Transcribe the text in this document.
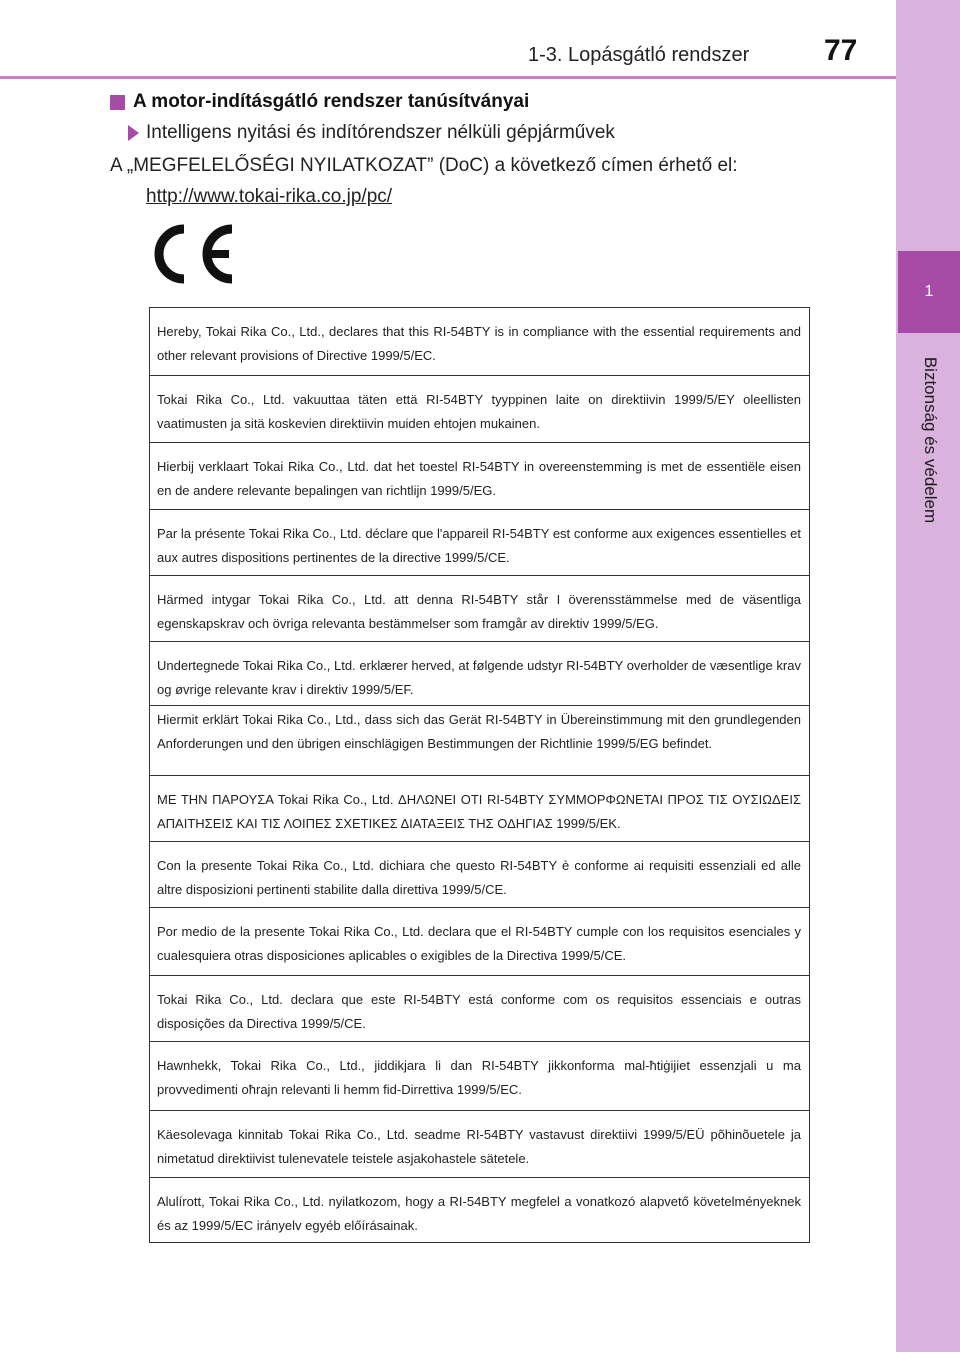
1-3. Lopásgátló rendszer 77
1
Biztonság és védelem
A motor-indításgátló rendszer tanúsítványai
Intelligens nyitási és indítórendszer nélküli gépjárművek
A „MEGFELELŐSÉGI NYILATKOZAT” (DoC) a következő címen érhető el:
http://www.tokai-rika.co.jp/pc/
Hereby, Tokai Rika Co., Ltd., declares that this RI-54BTY is in compliance with the essential requirements and other relevant provisions of Directive 1999/5/EC.
Tokai Rika Co., Ltd. vakuuttaa täten että RI-54BTY tyyppinen laite on direktiivin 1999/5/EY oleellisten vaatimusten ja sitä koskevien direktiivin muiden ehtojen mukainen.
Hierbij verklaart Tokai Rika Co., Ltd. dat het toestel RI-54BTY in overeenstemming is met de essentiële eisen en de andere relevante bepalingen van richtlijn 1999/5/EG.
Par la présente Tokai Rika Co., Ltd. déclare que l'appareil RI-54BTY est conforme aux exigences essentielles et aux autres dispositions pertinentes de la directive 1999/5/CE.
Härmed intygar Tokai Rika Co., Ltd. att denna RI-54BTY står I överensstämmelse med de väsentliga egenskapskrav och övriga relevanta bestämmelser som framgår av direktiv 1999/5/EG.
Undertegnede Tokai Rika Co., Ltd. erklærer herved, at følgende udstyr RI-54BTY overholder de væsentlige krav og øvrige relevante krav i direktiv 1999/5/EF.
Hiermit erklärt Tokai Rika Co., Ltd., dass sich das Gerät RI-54BTY in Übereinstimmung mit den grundlegenden Anforderungen und den übrigen einschlägigen Bestimmungen der Richtlinie 1999/5/EG befindet.
ΜΕ ΤΗΝ ΠΑΡΟΥΣΑ Tokai Rika Co., Ltd. ΔΗΛΩΝΕΙ ΟΤΙ RI-54BTY ΣΥΜΜΟΡΦΩΝΕΤΑΙ ΠΡΟΣ ΤΙΣ ΟΥΣΙΩΔΕΙΣ ΑΠΑΙΤΗΣΕΙΣ ΚΑΙ ΤΙΣ ΛΟΙΠΕΣ ΣΧΕΤΙΚΕΣ ΔΙΑΤΑΞΕΙΣ ΤΗΣ ΟΔΗΓΙΑΣ 1999/5/ΕΚ.
Con la presente Tokai Rika Co., Ltd. dichiara che questo RI-54BTY è conforme ai requisiti essenziali ed alle altre disposizioni pertinenti stabilite dalla direttiva 1999/5/CE.
Por medio de la presente Tokai Rika Co., Ltd. declara que el RI-54BTY cumple con los requisitos esenciales y cualesquiera otras disposiciones aplicables o exigibles de la Directiva 1999/5/CE.
Tokai Rika Co., Ltd. declara que este RI-54BTY está conforme com os requisitos essenciais e outras disposições da Directiva 1999/5/CE.
Hawnhekk, Tokai Rika Co., Ltd., jiddikjara li dan RI-54BTY jikkonforma mal-ħtiġijiet essenzjali u ma provvedimenti oħrajn relevanti li hemm fid-Dirrettiva 1999/5/EC.
Käesolevaga kinnitab Tokai Rika Co., Ltd. seadme RI-54BTY vastavust direktiivi 1999/5/EÜ põhinõuetele ja nimetatud direktiivist tulenevatele teistele asjakohastele sätetele.
Alulírott, Tokai Rika Co., Ltd. nyilatkozom, hogy a RI-54BTY megfelel a vonatkozó alapvető követelményeknek és az 1999/5/EC irányelv egyéb előírásainak.
